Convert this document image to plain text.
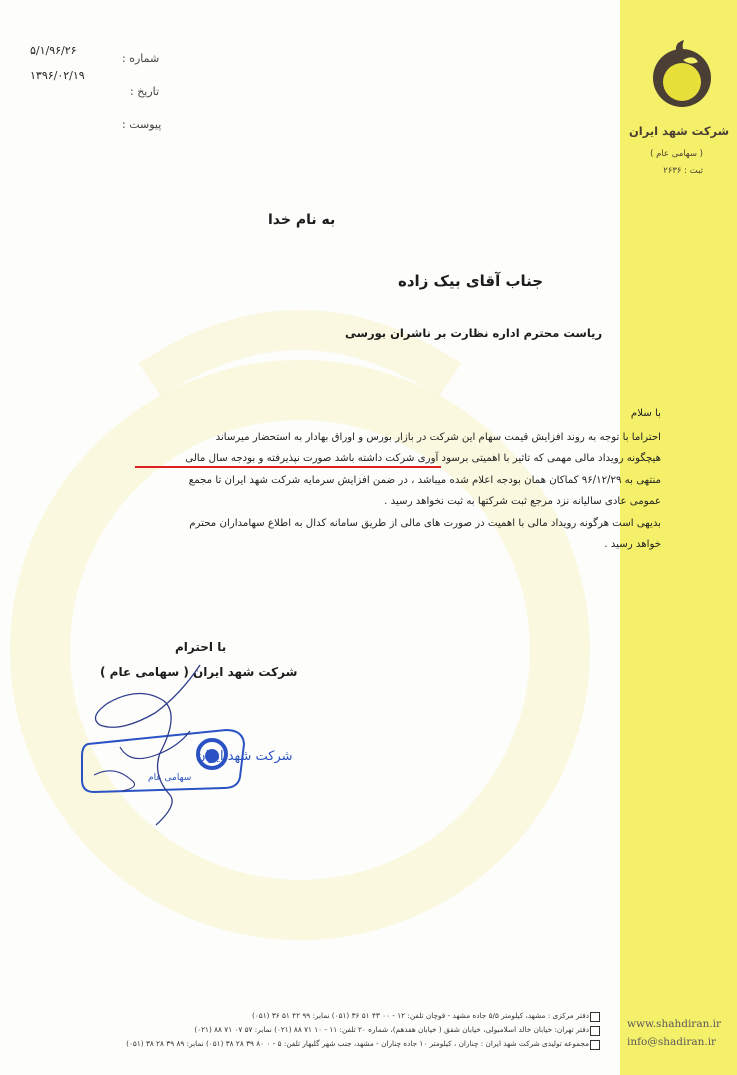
شرکت شهد ایران
( سهامی عام )
ثبت : ۲۶۳۶
www.shahdiran.ir
info@shadiran.ir
شماره :
۵/۱/۹۶/۲۶
تاریخ :
۱۳۹۶/۰۲/۱۹
پیوست :
به نام خدا
جناب آقای بیک زاده
ریاست محترم اداره نظارت بر ناشران بورسی
با سلام
احتراما با توجه به روند افزایش قیمت سهام این شرکت در بازار بورس و اوراق بهادار به استحضار میرساند
هیچگونه رویداد مالی مهمی که تاثیر با اهمیتی برسود آوری شرکت داشته باشد صورت نپذیرفته و بودجه سال مالی
منتهی به ۹۶/۱۲/۲۹ کماکان همان بودجه اعلام شده میباشد ، در ضمن افزایش سرمایه شرکت شهد ایران تا مجمع
عمومی عادی سالیانه نزد مرجع ثبت شرکتها به ثبت نخواهد رسید .
بدیهی است هرگونه رویداد مالی با اهمیت در صورت های مالی از طریق سامانه کدال به اطلاع سهامداران محترم
خواهد رسید .
با احترام
شرکت شهد ایران ( سهامی عام )
شرکت شهد ایران
سهامی عام
دفتر مرکزی : مشهد، کیلومتر ۵/۵ جاده مشهد - قوچان تلفن: ۱۲ - ۰۰ ۴۳ ۵۱ ۳۶ (۰۵۱) نمابر: ۹۹ ۴۲ ۵۱ ۳۶ (۰۵۱)
دفتر تهران: خیابان خالد اسلامبولی، خیابان شفق ( خیابان هفدهم)، شماره ۲۰ تلفن: ۱۱ - ۱۰ ۷۱ ۸۸ (۰۲۱) نمابر: ۵۷ ۰۷ ۷۱ ۸۸ (۰۲۱)
مجموعه تولیدی شرکت شهد ایران : چناران ، کیلومتر ۱۰ جاده چناران - مشهد، جنب شهر گلبهار تلفن: ۵ - ۰ ۸۰ ۳۹ ۲۸ ۳۸ (۰۵۱) نمابر: ۸۹ ۳۹ ۲۸ ۳۸ (۰۵۱)
